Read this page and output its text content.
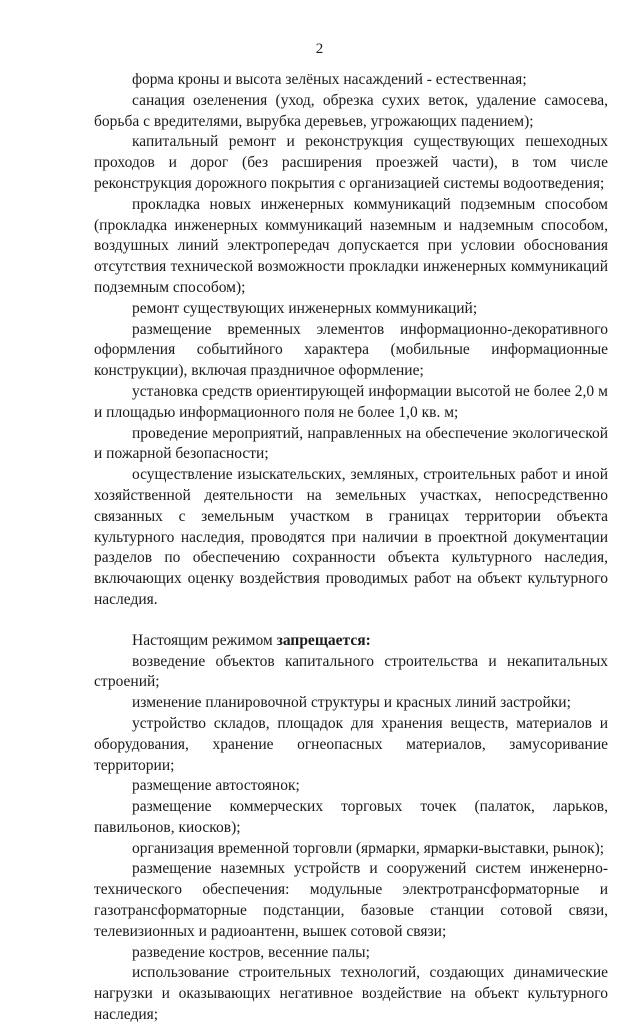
2

форма кроны и высота зелёных насаждений - естественная;

санация озеленения (уход, обрезка сухих веток, удаление самосева, борьба с вредителями, вырубка деревьев, угрожающих падением);

капитальный ремонт и реконструкция существующих пешеходных проходов и дорог (без расширения проезжей части), в том числе реконструкция дорожного покрытия с организацией системы водоотведения;

прокладка новых инженерных коммуникаций подземным способом (прокладка инженерных коммуникаций наземным и надземным способом, воздушных линий электропередач допускается при условии обоснования отсутствия технической возможности прокладки инженерных коммуникаций подземным способом);

ремонт существующих инженерных коммуникаций;

размещение временных элементов информационно-декоративного оформления событийного характера (мобильные информационные конструкции), включая праздничное оформление;

установка средств ориентирующей информации высотой не более 2,0 м и площадью информационного поля не более 1,0 кв. м;

проведение мероприятий, направленных на обеспечение экологической и пожарной безопасности;

осуществление изыскательских, земляных, строительных работ и иной хозяйственной деятельности на земельных участках, непосредственно связанных с земельным участком в границах территории объекта культурного наследия, проводятся при наличии в проектной документации разделов по обеспечению сохранности объекта культурного наследия, включающих оценку воздействия проводимых работ на объект культурного наследия.

Настоящим режимом запрещается:

возведение объектов капитального строительства и некапитальных строений;

изменение планировочной структуры и красных линий застройки;

устройство складов, площадок для хранения веществ, материалов и оборудования, хранение огнеопасных материалов, замусоривание территории;

размещение автостоянок;

размещение коммерческих торговых точек (палаток, ларьков, павильонов, киосков);

организация временной торговли (ярмарки, ярмарки-выставки, рынок);

размещение наземных устройств и сооружений систем инженерно-технического обеспечения: модульные электротрансформаторные и газотрансформаторные подстанции, базовые станции сотовой связи, телевизионных и радиоантенн, вышек сотовой связи;

разведение костров, весенние палы;

использование строительных технологий, создающих динамические нагрузки и оказывающих негативное воздействие на объект культурного наследия;
